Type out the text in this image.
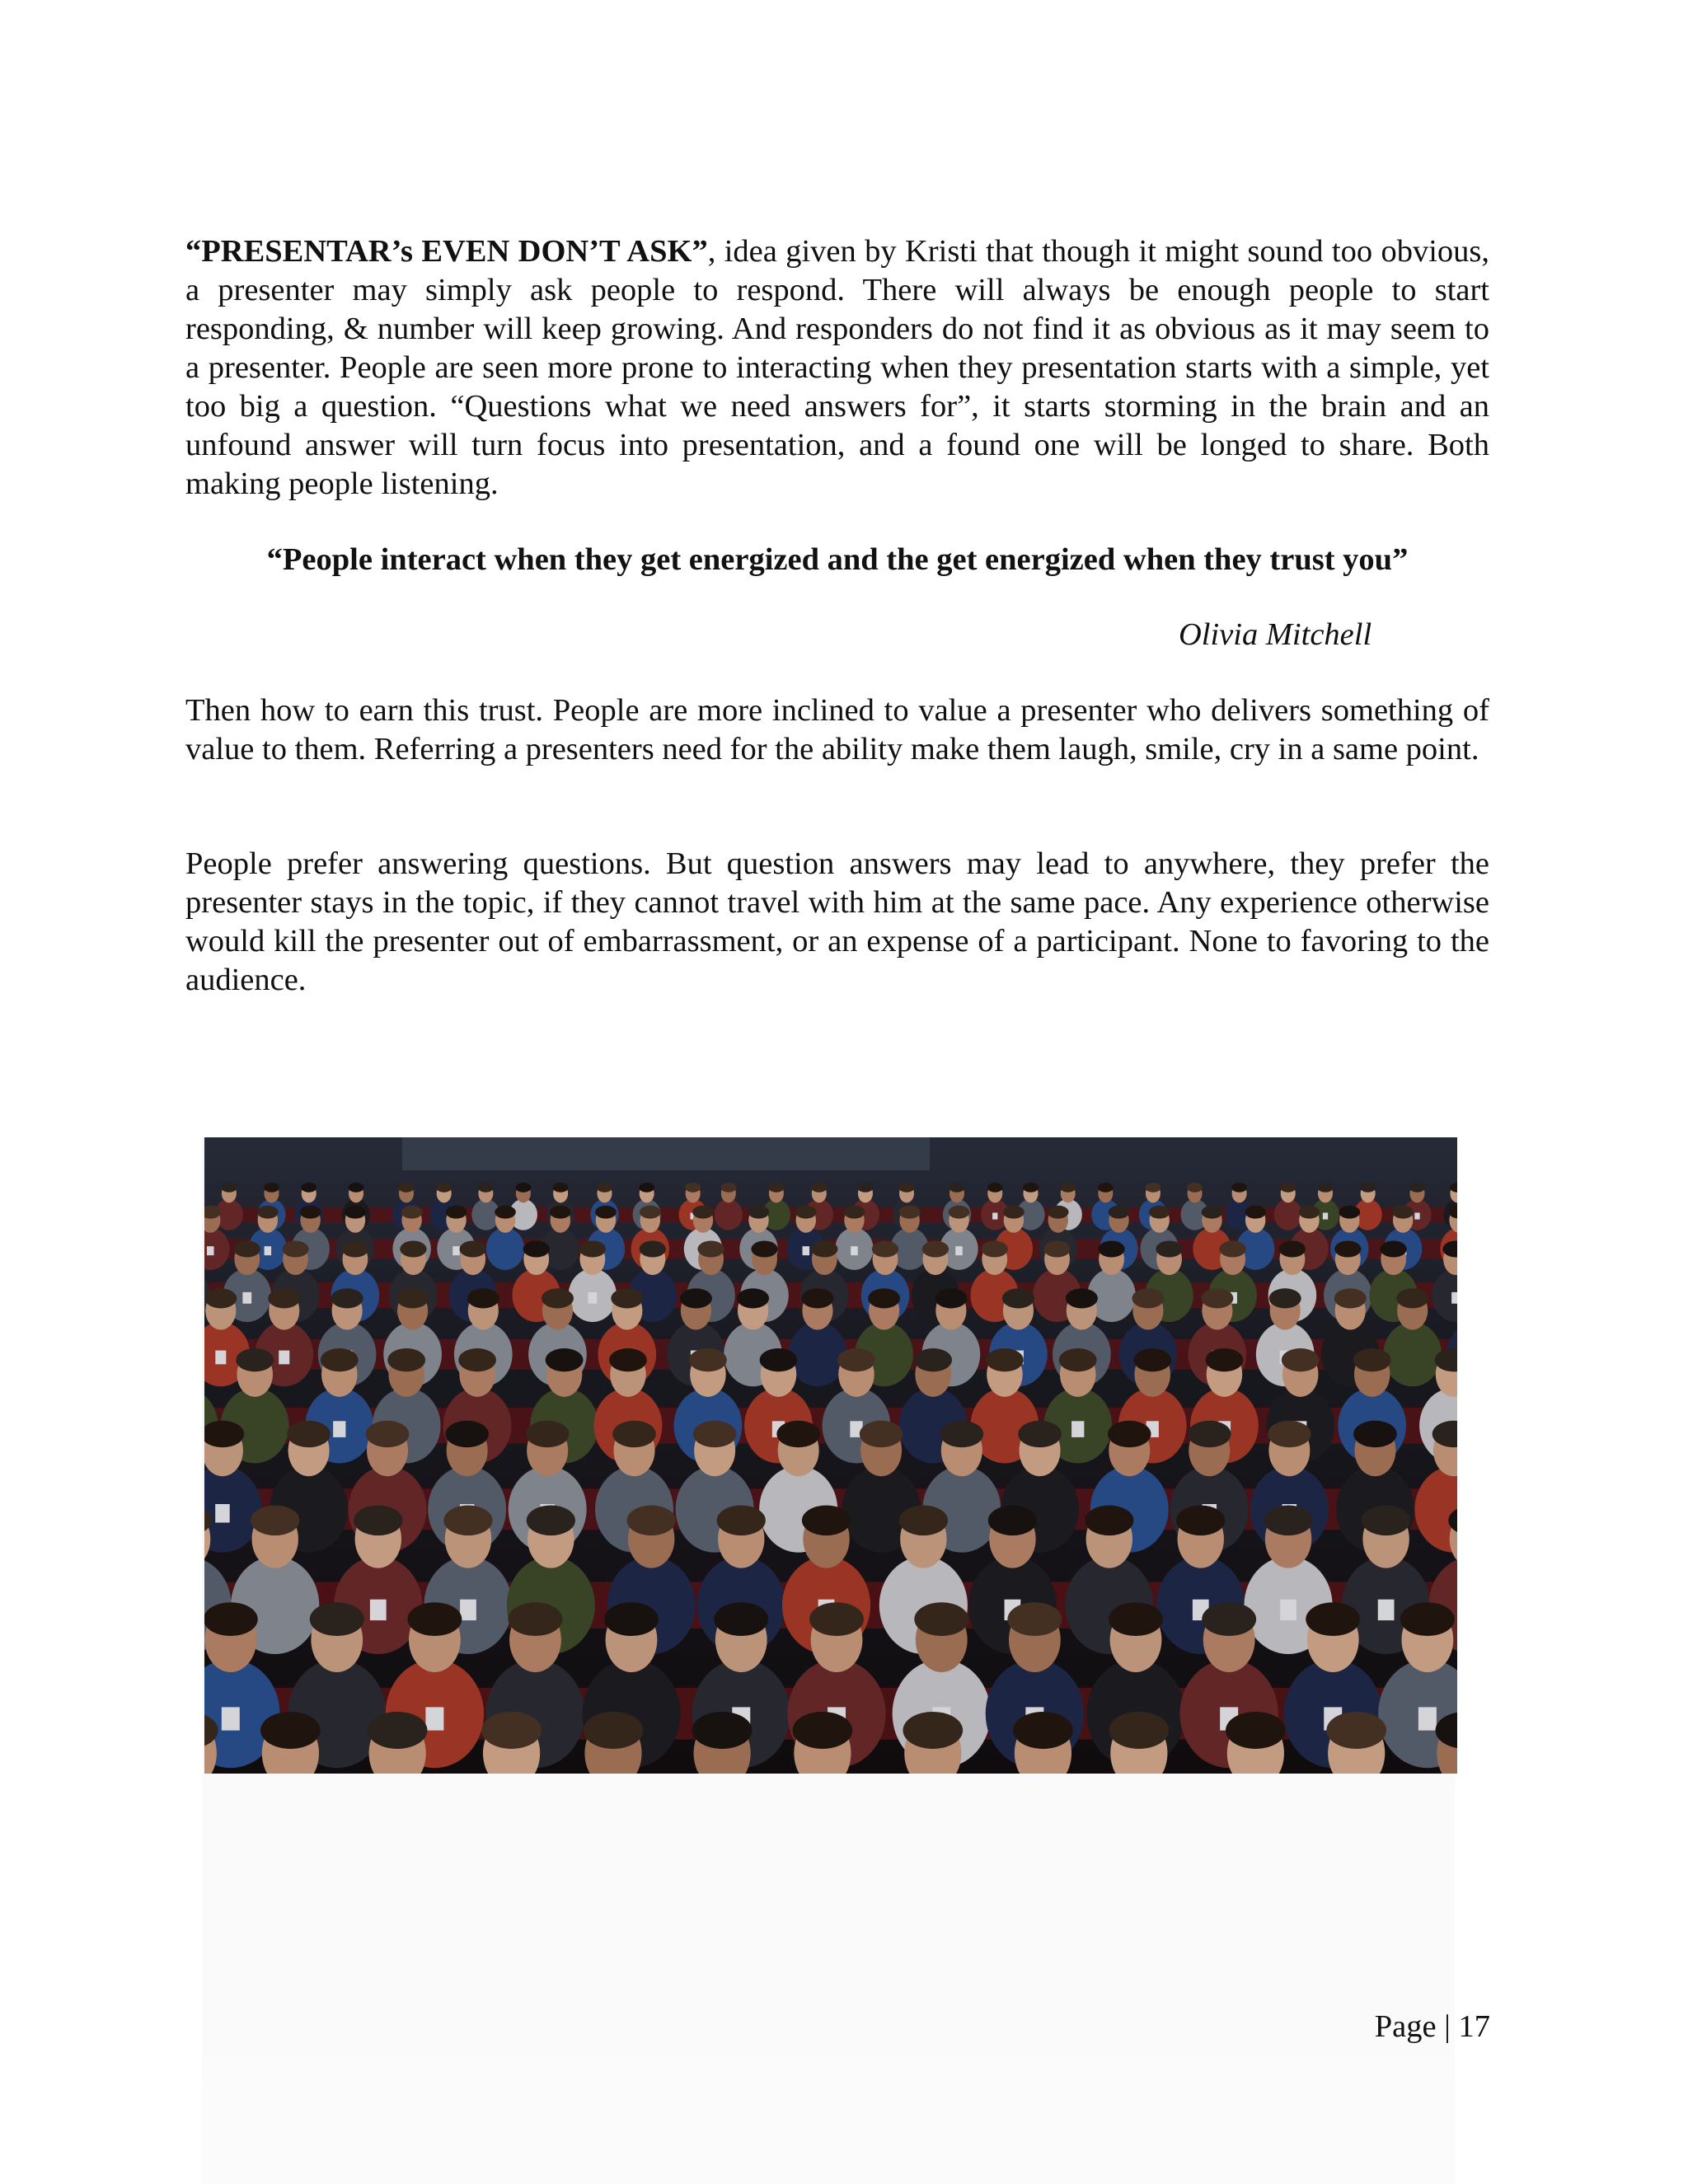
“PRESENTAR’s EVEN DON’T ASK”, idea given by Kristi that though it might sound too obvious, a presenter may simply ask people to respond. There will always be enough people to start responding, & number will keep growing. And responders do not find it as obvious as it may seem to a presenter. People are seen more prone to interacting when they presentation starts with a simple, yet too big a question. “Questions what we need answers for”, it starts storming in the brain and an unfound answer will turn focus into presentation, and a found one will be longed to share. Both making people listening.

“People interact when they get energized and the get energized when they trust you”

Olivia Mitchell

Then how to earn this trust. People are more inclined to value a presenter who delivers something of value to them. Referring a presenters need for the ability make them laugh, smile, cry in a same point.

People prefer answering questions. But question answers may lead to anywhere, they prefer the presenter stays in the topic, if they cannot travel with him at the same pace. Any experience otherwise would kill the presenter out of embarrassment, or an expense of a participant. None to favoring to the audience.

Page | 17
